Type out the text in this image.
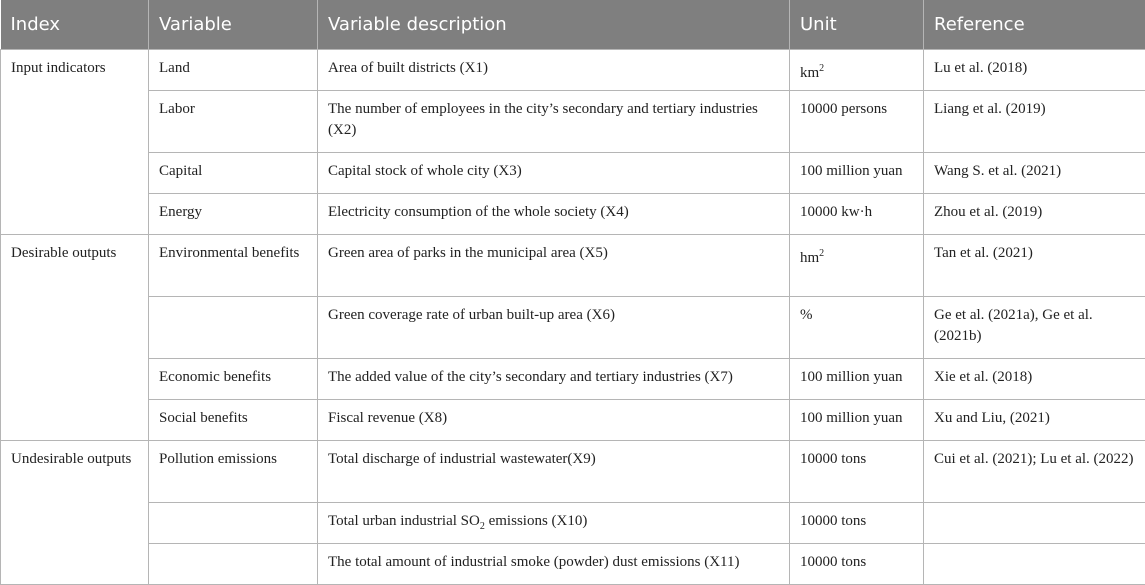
Index	Variable	Variable description	Unit	Reference
Input indicators	Land	Area of built districts (X1)	$km^2$	Lu et al. (2018)
	Labor	The number of employees in the city’s secondary and tertiary industries (X2)	10000 persons	Liang et al. (2019)
	Capital	Capital stock of whole city (X3)	100 million yuan	Wang S. et al. (2021)
	Energy	Electricity consumption of the whole society (X4)	10000 kw·h	Zhou et al. (2019)
Desirable outputs	Environmental benefits	Green area of parks in the municipal area (X5)	$hm^2$	Tan et al. (2021)
		Green coverage rate of urban built-up area (X6)	%	Ge et al. (2021a), Ge et al. (2021b)
	Economic benefits	The added value of the city’s secondary and tertiary industries (X7)	100 million yuan	Xie et al. (2018)
	Social benefits	Fiscal revenue (X8)	100 million yuan	Xu and Liu, (2021)
Undesirable outputs	Pollution emissions	Total discharge of industrial wastewater(X9)	10000 tons	Cui et al. (2021); Lu et al. (2022)
		Total urban industrial $SO_2$ emissions (X10)	10000 tons	
		The total amount of industrial smoke (powder) dust emissions (X11)	10000 tons	
